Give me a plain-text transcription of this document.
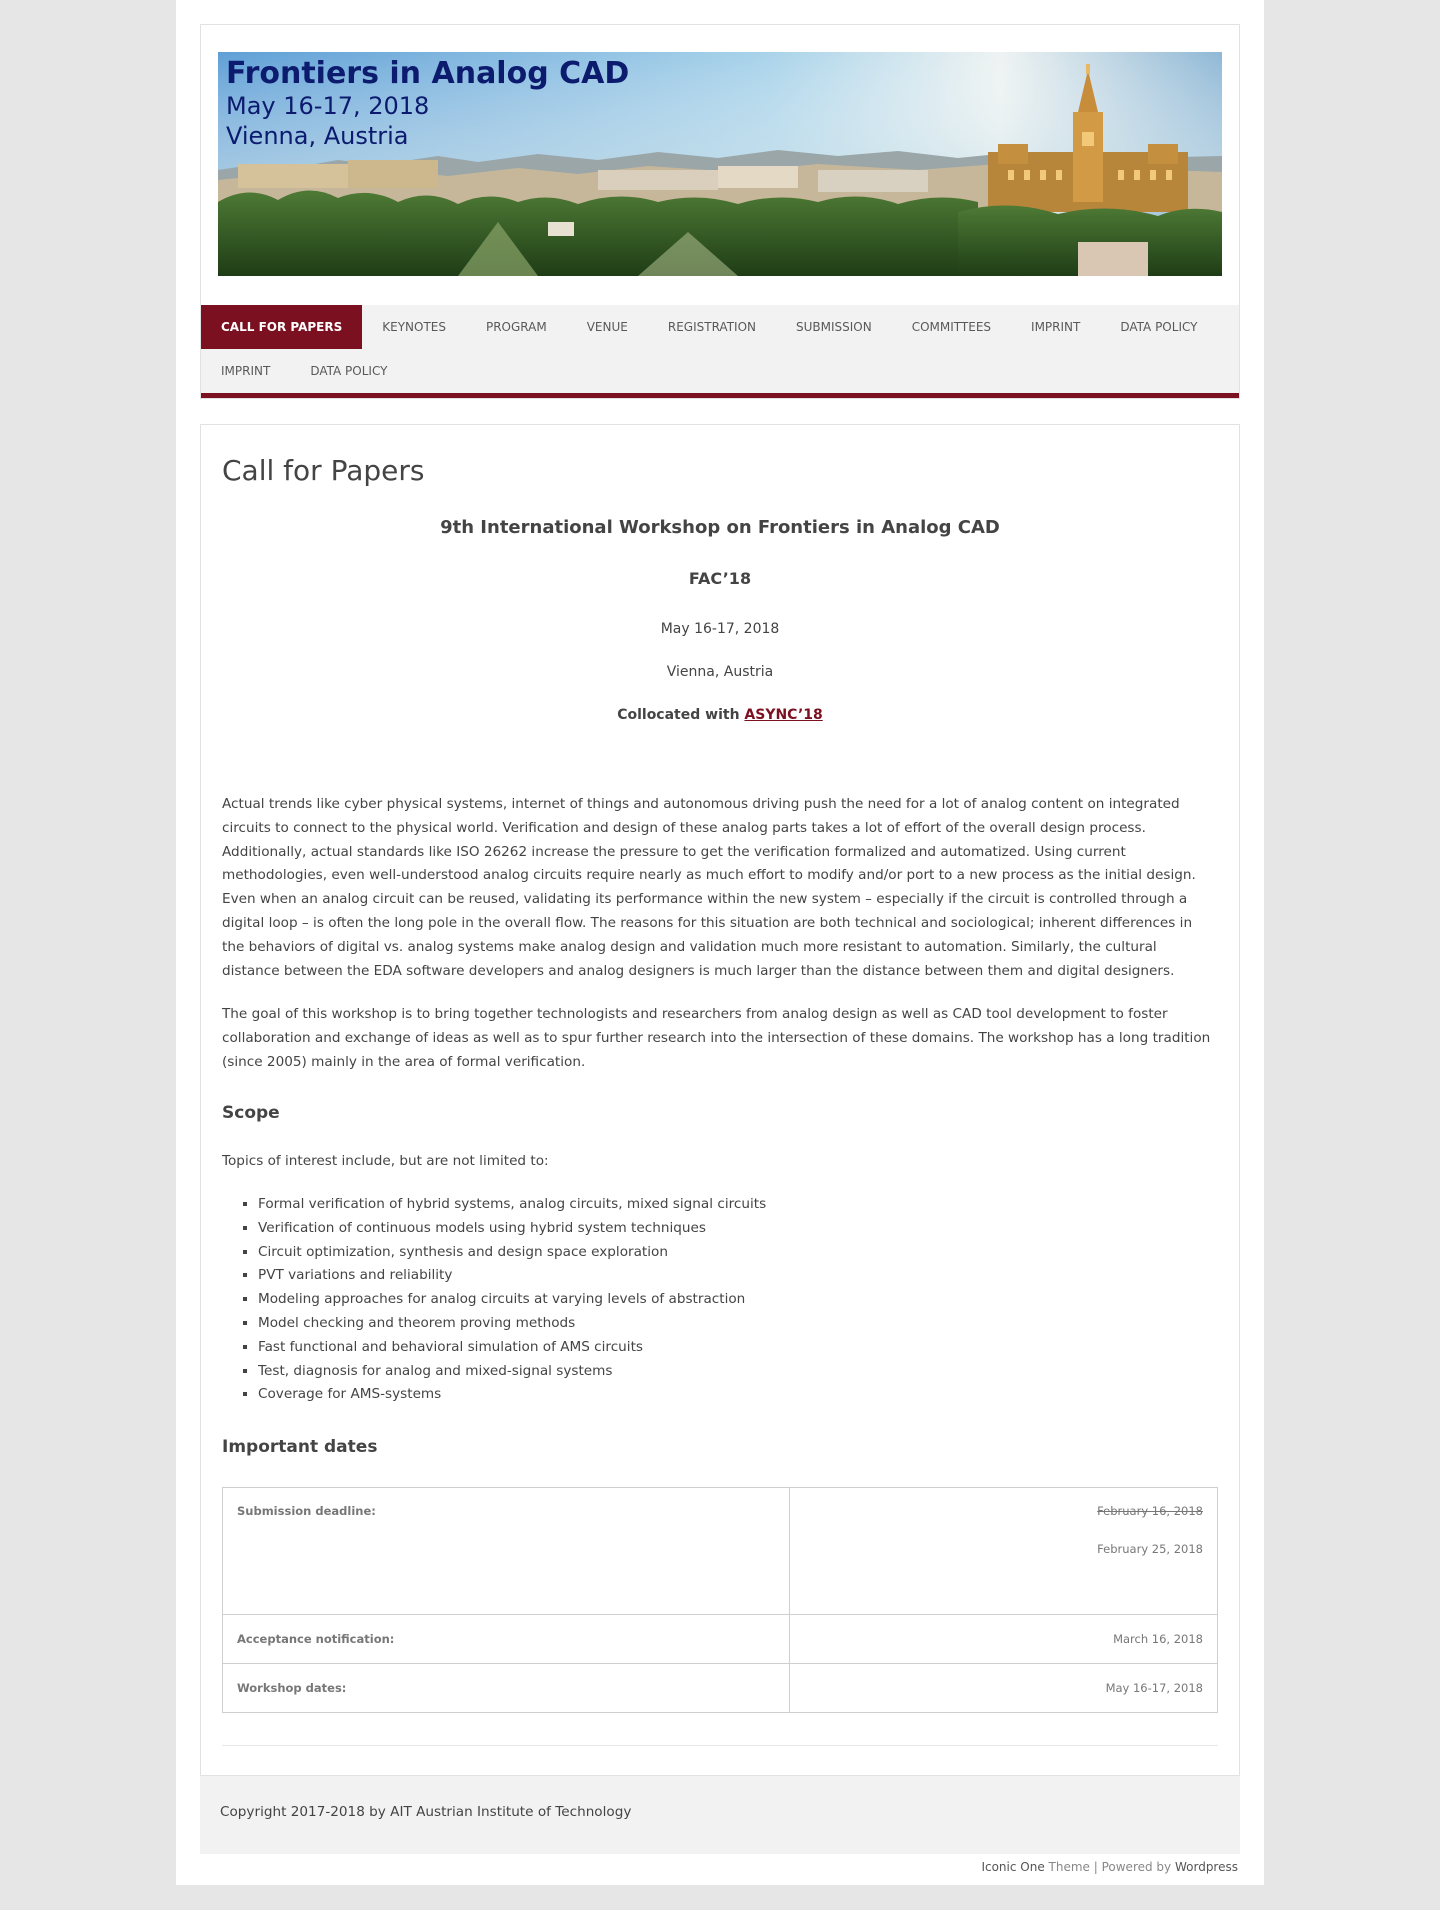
Frontiers in Analog CAD
May 16-17, 2018
Vienna, Austria
CALL FOR PAPERS	KEYNOTES	PROGRAM	VENUE	REGISTRATION	SUBMISSION	COMMITTEES	IMPRINT	DATA POLICY
IMPRINT	DATA POLICY
Call for Papers

9th International Workshop on Frontiers in Analog CAD

FAC’18

May 16-17, 2018

Vienna, Austria

Collocated with ASYNC’18

Actual trends like cyber physical systems, internet of things and autonomous driving push the need for a lot of analog content on integrated circuits to connect to the physical world. Verification and design of these analog parts takes a lot of effort of the overall design process. Additionally, actual standards like ISO 26262 increase the pressure to get the verification formalized and automatized. Using current methodologies, even well-understood analog circuits require nearly as much effort to modify and/or port to a new process as the initial design. Even when an analog circuit can be reused, validating its performance within the new system – especially if the circuit is controlled through a digital loop – is often the long pole in the overall flow. The reasons for this situation are both technical and sociological; inherent differences in the behaviors of digital vs. analog systems make analog design and validation much more resistant to automation. Similarly, the cultural distance between the EDA software developers and analog designers is much larger than the distance between them and digital designers.

The goal of this workshop is to bring together technologists and researchers from analog design as well as CAD tool development to foster collaboration and exchange of ideas as well as to spur further research into the intersection of these domains. The workshop has a long tradition (since 2005) mainly in the area of formal verification.

Scope

Topics of interest include, but are not limited to:

▪ Formal verification of hybrid systems, analog circuits, mixed signal circuits
▪ Verification of continuous models using hybrid system techniques
▪ Circuit optimization, synthesis and design space exploration
▪ PVT variations and reliability
▪ Modeling approaches for analog circuits at varying levels of abstraction
▪ Model checking and theorem proving methods
▪ Fast functional and behavioral simulation of AMS circuits
▪ Test, diagnosis for analog and mixed-signal systems
▪ Coverage for AMS-systems
Important dates
Submission deadline:	February 16, 2018
February 25, 2018

Acceptance notification:	March 16, 2018
Workshop dates:	May 16-17, 2018
Copyright 2017-2018 by AIT Austrian Institute of Technology
Iconic One Theme | Powered by Wordpress
